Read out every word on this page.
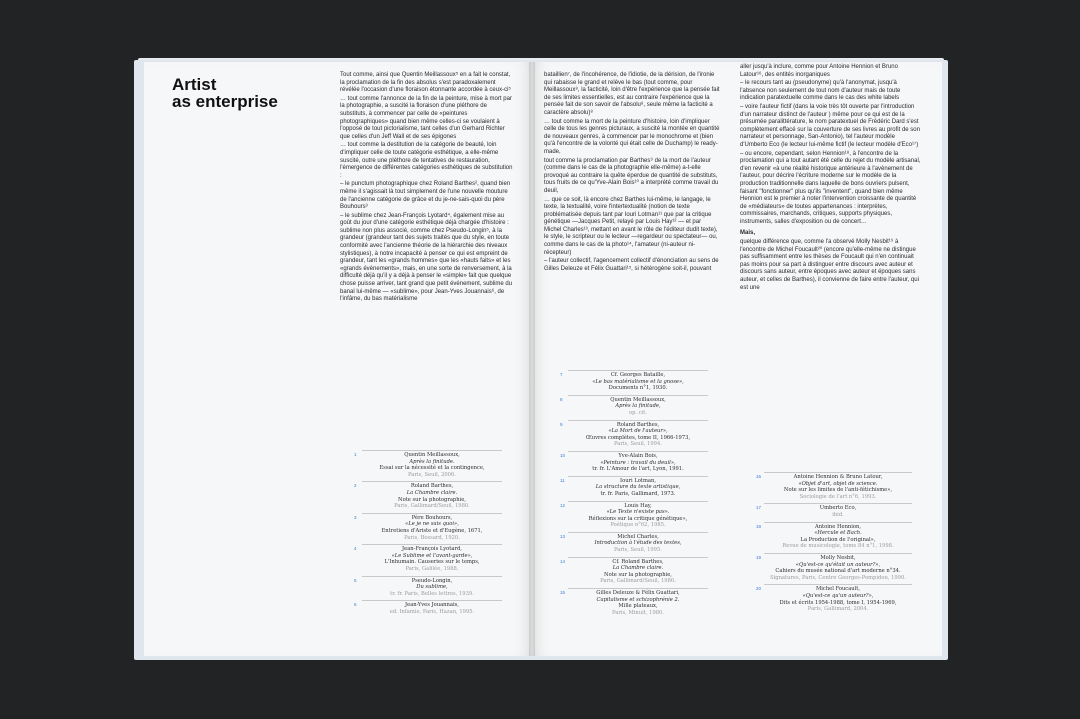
Artist
as enterprise

Tout comme, ainsi que Quentin Meillassoux⁵ en a fait le constat, la proclamation de la fin des absolus s'est paradoxalement révélée l'occasion d'une floraison étonnante accordée à ceux-ci⁵

… tout comme l'annonce de la fin de la peinture, mise à mort par la photographie, a suscité la floraison d'une pléthore de substituts, à commencer par celle de «peintures photographiques» quand bien même celles-ci se voulaient à l'opposé de tout pictorialisme, tant celles d'un Gerhard Richter que celles d'un Jeff Wall et de ses épigones

… tout comme la destitution de la catégorie de beauté, loin d'impliquer celle de toute catégorie esthétique, a elle-même suscité, outre une pléthore de tentatives de restauration, l'émergence de différentes catégories esthétiques de substitution :

– le punctum photographique chez Roland Barthes², quand bien même il s'agissait là tout simplement de l'une nouvelle mouture de l'ancienne catégorie de grâce et du je-ne-sais-quoi du père Bouhours³

– le sublime chez Jean-François Lyotard⁴, également mise au goût du jour d'une catégorie esthétique déjà chargée d'histoire : sublime non plus associé, comme chez Pseudo-Longin⁵, à la grandeur (grandeur tant des sujets traités que du style, en toute conformité avec l'ancienne théorie de la hiérarchie des niveaux stylistiques), à notre incapacité à penser ce qui est empreint de grandeur, tant les «grands hommes» que les «hauts faits» et les «grands événements», mais, en une sorte de renversement, à la difficulté déjà qu'il y a déjà à penser le «simple» fait que quelque chose puisse arriver, tant grand que petit événement, sublime du banal lui-même — «sublime», pour Jean-Yves Jouannais⁶, de l'infâme, du bas matérialisme

1	Quentin Meillassoux,
Après la finitude.
Essai sur la nécessité et la contingence,
Paris, Seuil, 2006.
2	Roland Barthes,
La Chambre claire.
Note sur la photographie,
Paris, Gallimard/Seuil, 1980.
3	Père Bouhours,
«Le je ne sais quoi»,
Entretiens d'Ariste et d'Eugène, 1671,
Paris, Bossard, 1920.
4	Jean-François Lyotard,
«Le Sublime et l'avant-garde»,
L'Inhumain. Causeries sur le temps,
Paris, Galilée, 1988.
5	Pseudo-Longin,
Du sublime,
tr. fr. Paris, Belles lettres, 1939.
6	Jean-Yves Jouannais,
ed. Infamie, Paris, Hazan, 1995.

bataillien⁷, de l'incohérence, de l'idiotie, de la dérision, de l'ironie qui rabaisse le grand et relève le bas (tout comme, pour Meillassoux⁸, la facticité, loin d'être l'expérience que la pensée fait de ses limites essentielles, est au contraire l'expérience que la pensée fait de son savoir de l'absolu⁸, seule même la facticité a caractère absolu)⁸

… tout comme la mort de la peinture d'histoire, loin d'impliquer celle de tous les genres picturaux, a suscité la montée en quantité de nouveaux genres, à commencer par le monochrome et (bien qu'à l'encontre de la volonté qui était celle de Duchamp) le ready-made,

tout comme la proclamation par Barthes⁹ de la mort de l'auteur (comme dans le cas de la photographie elle-même) a-t-elle provoqué au contraire la quête éperdue de quantité de substituts, tous fruits de ce qu'Yve-Alain Bois¹⁰ a interprété comme travail du deuil,

… que ce soit, là encore chez Barthes lui-même, le langage, le texte, la textualité, voire l'intertextualité (notion de texte problématisée depuis tant par Iouri Lotman¹¹ que par la critique génétique —Jacques Petit, relayé par Louis Hay¹² — et par Michel Charles¹³, mettant en avant le rôle de l'éditeur dudit texte), le style, le scripteur ou le lecteur —regardeur ou spectateur— ou, comme dans le cas de la photo¹⁴, l'amateur (ni-auteur ni-récepteur)

– l'auteur collectif, l'agencement collectif d'énonciation au sens de Gilles Deleuze et Félix Guattari¹⁵, si hétérogène soit-il, pouvant

aller jusqu'à inclure, comme pour Antoine Hennion et Bruno Latour¹⁶, des entités inorganiques

– le recours tant au (pseudonyme) qu'à l'anonymat, jusqu'à l'absence non seulement de tout nom d'auteur mais de toute indication paratextuelle comme dans le cas des white labels

– voire l'auteur fictif (dans la voie très tôt ouverte par l'introduction d'un narrateur distinct de l'auteur ) même pour ce qui est de la présumée paralittérature, le nom paratextuel de Frédéric Dard s'est complètement effacé sur la couverture de ses livres au profit de son narrateur et personnage, San-Antonio), tel l'auteur modèle d'Umberto Eco (le lecteur lui-même fictif (le lecteur modèle d'Eco¹⁷)

– ou encore, cependant, selon Hennion¹⁸, à l'encontre de la proclamation qui a tout autant été celle du rejet du modèle artisanal, d'en revenir «à une réalité historique antérieure à l'avènement de l'auteur, pour décrire l'écriture moderne sur le modèle de la production traditionnelle dans laquelle de bons ouvriers pulsent, faisant "fonctionner" plus qu'ils "inventent", quand bien même Hennion est le premier à noter l'intervention croissante de quantité de «médiateurs» de toutes appartenances : interprètes, commissaires, marchands, critiques, supports physiques, instruments, salles d'exposition ou de concert…

Mais,

quelque différence que, comme l'a observé Molly Nesbit¹⁹ à l'encontre de Michel Foucault²⁰ (encore qu'elle-même ne distingue pas suffisamment entre les thèses de Foucault qui n'en continuait pas moins pour sa part à distinguer entre discours avec auteur et discours sans auteur, entre époques avec auteur et époques sans auteur, et celles de Barthes), il convienne de faire entre l'auteur, qui est une

7	Cf. Georges Bataille,
«Le bas matérialisme et la gnose»,
Documents n°1, 1930.
8	Quentin Meillassoux,
Après la finitude,
op. cit.
9	Roland Barthes,
«La Mort de l'auteur»,
Œuvres complètes, tome II, 1966-1973,
Paris, Seuil, 1994.
10	Yve-Alain Bois,
«Peinture : travail du deuil»,
tr. fr. L'Amour de l'art, Lyon, 1991.
11	Iouri Lotman,
La structure du texte artistique,
tr. fr. Paris, Gallimard, 1973.
12	Louis Hay,
«Le Texte n'existe pas».
Réflexions sur la critique génétique»,
Poétique n°62, 1985.
13	Michel Charles,
Introduction à l'étude des textes,
Paris, Seuil, 1995.
14	Cf. Roland Barthes,
La Chambre claire.
Note sur la photographie,
Paris, Gallimard/Seuil, 1980.
15	Gilles Deleuze & Félix Guattari,
Capitalisme et schizophrénie 2.
Mille plateaux,
Paris, Minuit, 1980.
16	Antoine Hennion & Bruno Latour,
«Objet d'art, objet de science.
Note sur les limites de l'anti-fétichisme»,
Sociologie de l'art n°6, 1993.
17	Umberto Eco,
ibid.
18	Antoine Hennion,
«Hercule et Bach.
La Production de l'original»,
Revue de musicologie, tome 84 n°1, 1998.
19	Molly Nesbit,
«Qu'est-ce qu'était un auteur?»,
Cahiers du musée national d'art moderne n°34.
Signatures, Paris, Centre Georges-Pompidou, 1990.
20	Michel Foucault,
«Qu'est-ce qu'un auteur?»,
Dits et écrits 1954-1988, tome I, 1954-1969,
Paris, Gallimard, 2004.
